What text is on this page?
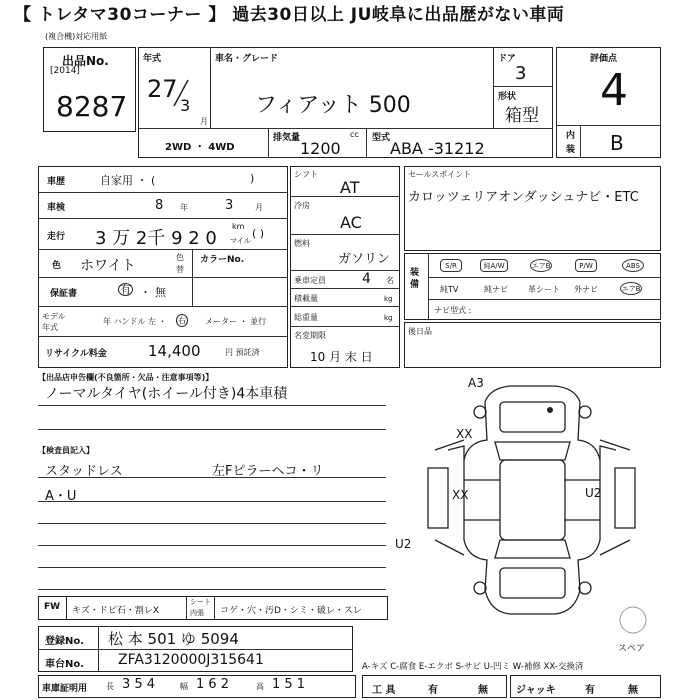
【 トレタマ30コーナー 】 過去30日以上 JU岐阜に出品歴がない車両
(複合機)対応用紙
出品No.
[2014]
8287
年式
27
3
月
車名・グレード
フィアット 500
ドア
3
形状
箱型
2WD ・ 4WD
排気量	cc
1200
型式
ABA -31212
評価点
4
内
装 B
車歴	自家用 ・ (	)
車検	8 年	3	月
走行 3 万 2千 9 2 0
km
マイル
( )
色 ホワイト
色
替
カラーNo.
保証書	有 ・ 無
モデル
年式
年 ハンドル 左 ・ 右 メーター ・ 並行
リサイクル料金	14,400	円 預託済
シフト
AT
冷房
AC
燃料
ガソリン
乗車定員	4 名
積載量	kg
総重量	kg
名変期限
10 月 末 日
セールスポイント
カロッツェリアオンダッシュナビ・ETC
装備
S/R	純A/W	エアB	P/W	ABS
純TV	純ナビ	革シート 外ナビ	エアB
ナビ型式 :
後日品
【出品店申告欄(不良箇所・欠品・注意事項等)】
ノーマルタイヤ(ホイール付き)4本車積
【検査員記入】
スタッドレス	左Fピラーヘコ・リ
A・U
A3
XX
XX	U2
U2
スペア
FW キズ・ドピ石・割レX
シート
内張 コゲ・穴・汚D・シミ・破レ・スレ
登録No. 松 本 501 ゆ 5094
車台No. ZFA3120000J315641	A-キズ C-腐食 E-エクボ S-サビ U-凹ミ W-補修 XX-交換済
車庫証明用 長 3 5 4	幅 1 6 2	高 1 5 1	工 具	有	無	ジャッキ	有	無
